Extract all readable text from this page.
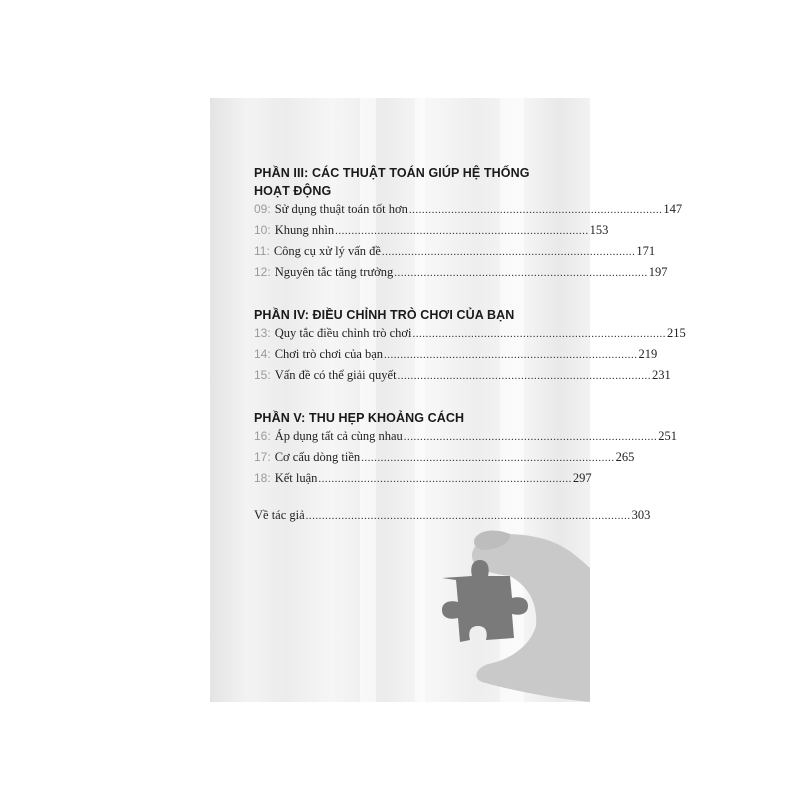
PHẦN III: CÁC THUẬT TOÁN GIÚP HỆ THỐNG
HOẠT ĐỘNG
09 : Sử dụng thuật toán tốt hơn .............................................................................. 147
10 : Khung nhìn .............................................................................. 153
11 : Công cụ xử lý vấn đề .............................................................................. 171
12 : Nguyên tắc tăng trưởng .............................................................................. 197
PHẦN IV: ĐIỀU CHỈNH TRÒ CHƠI CỦA BẠN
13 : Quy tắc điều chỉnh trò chơi .............................................................................. 215
14 : Chơi trò chơi của bạn .............................................................................. 219
15 : Vấn đề có thể giải quyết .............................................................................. 231
PHẦN V: THU HẸP KHOẢNG CÁCH
16 : Áp dụng tất cả cùng nhau .............................................................................. 251
17 : Cơ cấu dòng tiền .............................................................................. 265
18 : Kết luận .............................................................................. 297
Về tác giả .................................................................................................... 303
